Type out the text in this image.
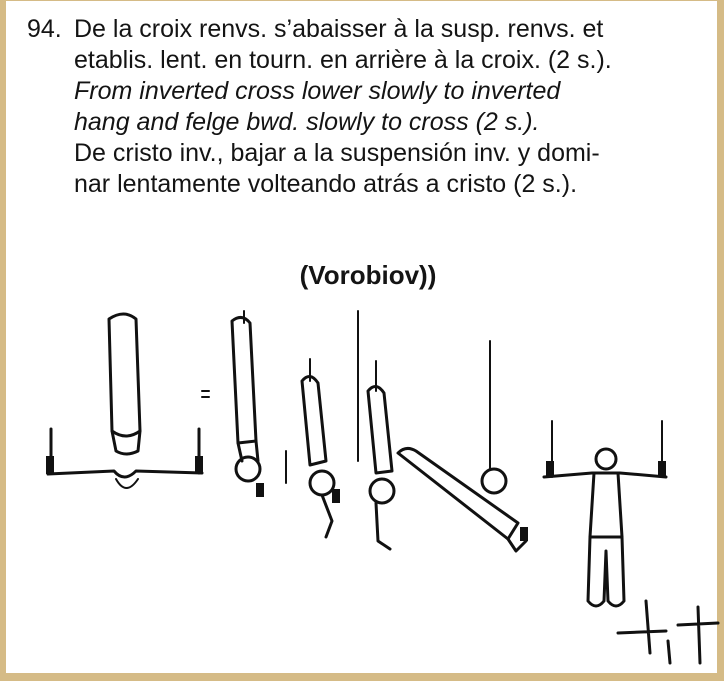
94. De la croix renvs. s’abaisser à la susp. renvs. et
etablis. lent. en tourn. en arrière à la croix. (2 s.).
From inverted cross lower slowly to inverted
hang and felge bwd. slowly to cross (2 s.).
De cristo inv., bajar a la suspensión inv. y domi-
nar lentamente volteando atrás a cristo (2 s.).
(Vorobiov))
